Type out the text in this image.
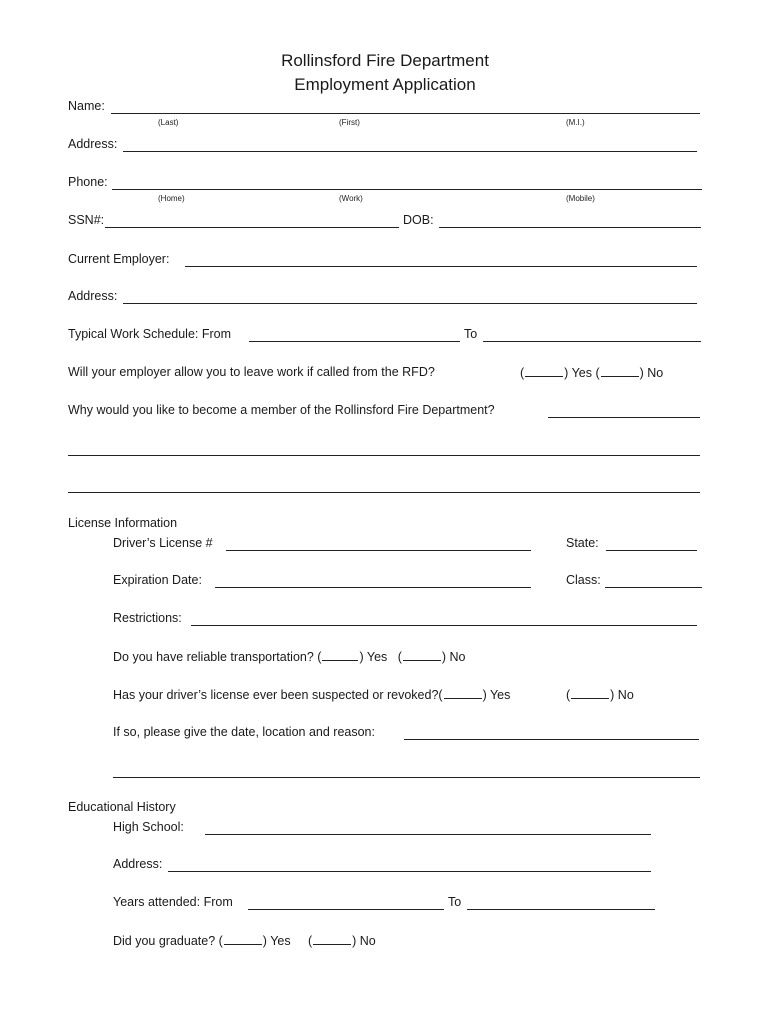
Rollinsford Fire Department
Employment Application
Name:
(Last)	(First)	(M.I.)
Address:
Phone:
(Home)	(Work)	(Mobile)
SSN#:	DOB:
Current Employer:
Address:
Typical Work Schedule: From	To
Will your employer allow you to leave work if called from the RFD?	(	) Yes (	) No
Why would you like to become a member of the Rollinsford Fire Department?
License Information
Driver’s License #	State:
Expiration Date:	Class:
Restrictions:
Do you have reliable transportation? (	) Yes   (	) No
Has your driver’s license ever been suspected or revoked?(	) Yes	(	) No
If so, please give the date, location and reason:
Educational History
High School:
Address:
Years attended: From	To
Did you graduate? (	) Yes     (	) No
